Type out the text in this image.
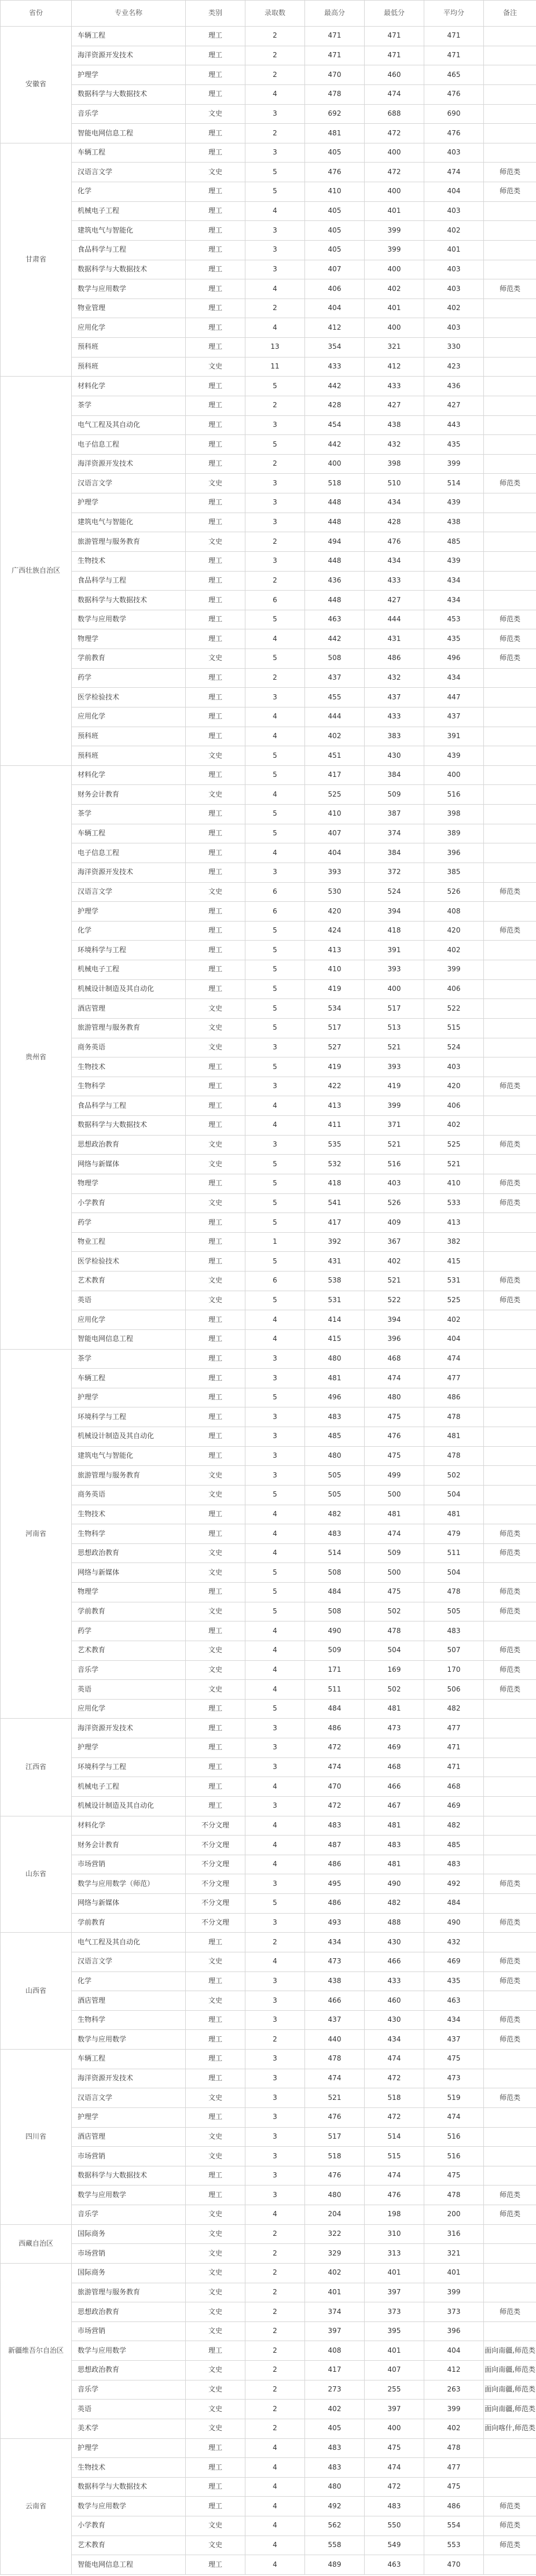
省份	专业名称	类别	录取数	最高分	最低分	平均分	备注
安徽省	车辆工程	理工	2	471	471	471	
	海洋资源开发技术	理工	2	471	471	471	
	护理学	理工	2	470	460	465	
	数据科学与大数据技术	理工	4	478	474	476	
	音乐学	文史	3	692	688	690	
	智能电网信息工程	理工	2	481	472	476	
甘肃省	车辆工程	理工	3	405	400	403	
	汉语言文学	文史	5	476	472	474	师范类
	化学	理工	5	410	400	404	师范类
	机械电子工程	理工	4	405	401	403	
	建筑电气与智能化	理工	3	405	399	402	
	食品科学与工程	理工	3	405	399	401	
	数据科学与大数据技术	理工	3	407	400	403	
	数学与应用数学	理工	4	406	402	403	师范类
	物业管理	理工	2	404	401	402	
	应用化学	理工	4	412	400	403	
	预科班	理工	13	354	321	330	
	预科班	文史	11	433	412	423	
广西壮族自治区	材料化学	理工	5	442	433	436	
	茶学	理工	2	428	427	427	
	电气工程及其自动化	理工	3	454	438	443	
	电子信息工程	理工	5	442	432	435	
	海洋资源开发技术	理工	2	400	398	399	
	汉语言文学	文史	3	518	510	514	师范类
	护理学	理工	3	448	434	439	
	建筑电气与智能化	理工	3	448	428	438	
	旅游管理与服务教育	文史	2	494	476	485	
	生物技术	理工	3	448	434	439	
	食品科学与工程	理工	2	436	433	434	
	数据科学与大数据技术	理工	6	448	427	434	
	数学与应用数学	理工	5	463	444	453	师范类
	物理学	理工	4	442	431	435	师范类
	学前教育	文史	5	508	486	496	师范类
	药学	理工	2	437	432	434	
	医学检验技术	理工	3	455	437	447	
	应用化学	理工	4	444	433	437	
	预科班	理工	4	402	383	391	
	预科班	文史	5	451	430	439	
贵州省	材料化学	理工	5	417	384	400	
	财务会计教育	文史	4	525	509	516	
	茶学	理工	5	410	387	398	
	车辆工程	理工	5	407	374	389	
	电子信息工程	理工	4	404	384	396	
	海洋资源开发技术	理工	3	393	372	385	
	汉语言文学	文史	6	530	524	526	师范类
	护理学	理工	6	420	394	408	
	化学	理工	5	424	418	420	师范类
	环境科学与工程	理工	5	413	391	402	
	机械电子工程	理工	5	410	393	399	
	机械设计制造及其自动化	理工	5	419	400	406	
	酒店管理	文史	5	534	517	522	
	旅游管理与服务教育	文史	5	517	513	515	
	商务英语	文史	3	527	521	524	
	生物技术	理工	5	419	393	403	
	生物科学	理工	3	422	419	420	师范类
	食品科学与工程	理工	4	413	399	406	
	数据科学与大数据技术	理工	4	411	371	402	
	思想政治教育	文史	3	535	521	525	师范类
	网络与新媒体	文史	5	532	516	521	
	物理学	理工	5	418	403	410	师范类
	小学教育	文史	5	541	526	533	师范类
	药学	理工	5	417	409	413	
	物业工程	理工	1	392	367	382	
	医学检验技术	理工	5	431	402	415	
	艺术教育	文史	6	538	521	531	师范类
	英语	文史	5	531	522	525	师范类
	应用化学	理工	4	414	394	402	
	智能电网信息工程	理工	4	415	396	404	
河南省	茶学	理工	3	480	468	474	
	车辆工程	理工	3	481	474	477	
	护理学	理工	5	496	480	486	
	环境科学与工程	理工	3	483	475	478	
	机械设计制造及其自动化	理工	3	485	476	481	
	建筑电气与智能化	理工	3	480	475	478	
	旅游管理与服务教育	文史	3	505	499	502	
	商务英语	文史	5	505	500	504	
	生物技术	理工	4	482	481	481	
	生物科学	理工	4	483	474	479	师范类
	思想政治教育	文史	4	514	509	511	师范类
	网络与新媒体	文史	5	508	500	504	
	物理学	理工	5	484	475	478	师范类
	学前教育	文史	5	508	502	505	师范类
	药学	理工	4	490	478	483	
	艺术教育	文史	4	509	504	507	师范类
	音乐学	文史	4	171	169	170	师范类
	英语	文史	4	511	502	506	师范类
	应用化学	理工	5	484	481	482	
江西省	海洋资源开发技术	理工	3	486	473	477	
	护理学	理工	3	472	469	471	
	环境科学与工程	理工	3	474	468	471	
	机械电子工程	理工	4	470	466	468	
	机械设计制造及其自动化	理工	3	472	467	469	
山东省	材料化学	不分文理	4	483	481	482	
	财务会计教育	不分文理	4	487	483	485	
	市场营销	不分文理	4	486	481	483	
	数学与应用数学（师范）	不分文理	3	495	490	492	师范类
	网络与新媒体	不分文理	5	486	482	484	
	学前教育	不分文理	3	493	488	490	师范类
山西省	电气工程及其自动化	理工	2	434	430	432	
	汉语言文学	文史	4	473	466	469	师范类
	化学	理工	3	438	433	435	师范类
	酒店管理	文史	3	466	460	463	
	生物科学	理工	3	437	430	434	师范类
	数学与应用数学	理工	2	440	434	437	师范类
四川省	车辆工程	理工	3	478	474	475	
	海洋资源开发技术	理工	3	474	472	473	
	汉语言文学	文史	3	521	518	519	师范类
	护理学	理工	3	476	472	474	
	酒店管理	文史	3	517	514	516	
	市场营销	文史	3	518	515	516	
	数据科学与大数据技术	理工	3	476	474	475	
	数学与应用数学	理工	3	480	476	478	师范类
	音乐学	文史	4	204	198	200	师范类
西藏自治区	国际商务	文史	2	322	310	316	
	市场营销	文史	2	329	313	321	
新疆维吾尔自治区	国际商务	文史	2	402	401	401	
	旅游管理与服务教育	文史	2	401	397	399	
	思想政治教育	文史	2	374	373	373	师范类
	市场营销	文史	2	397	395	396	
	数学与应用数学	理工	2	408	401	404	面向南疆,师范类
	思想政治教育	文史	2	417	407	412	面向南疆,师范类
	音乐学	文史	2	273	255	263	面向南疆,师范类
	英语	文史	2	402	397	399	面向南疆,师范类
	美术学	文史	2	405	400	402	面向喀什,师范类
云南省	护理学	理工	4	483	475	478	
	生物技术	理工	4	483	474	477	
	数据科学与大数据技术	理工	4	480	472	475	
	数学与应用数学	理工	4	492	483	486	师范类
	小学教育	文史	4	562	550	554	师范类
	艺术教育	文史	4	558	549	553	师范类
	智能电网信息工程	理工	4	489	463	470	
